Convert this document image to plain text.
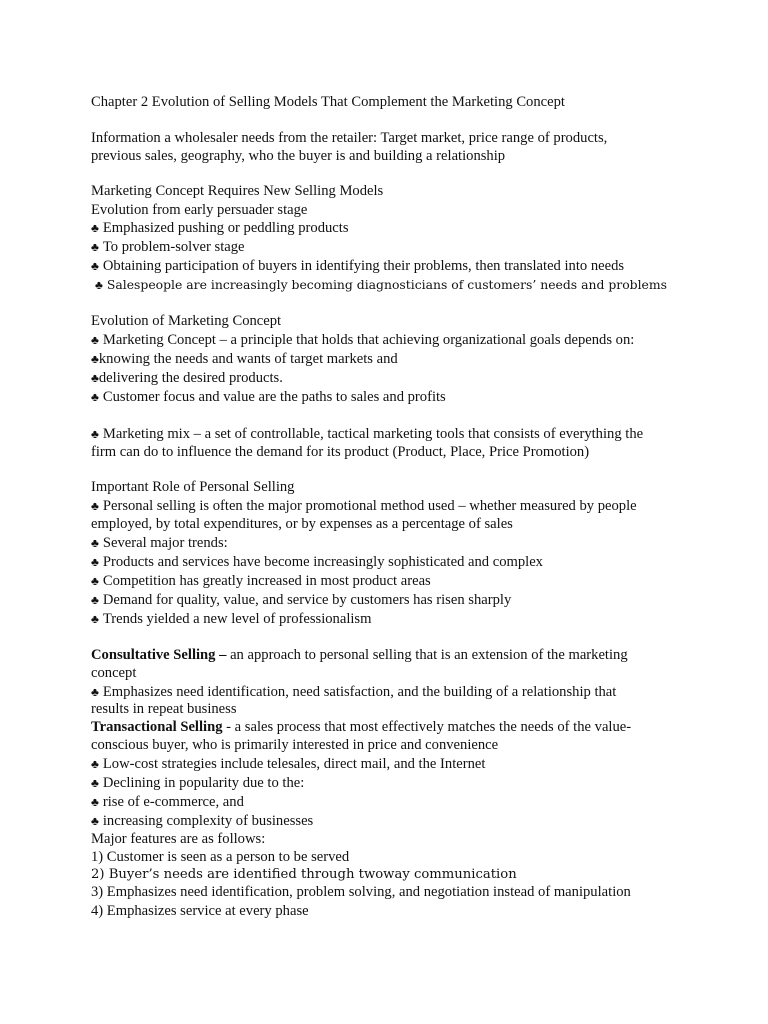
Chapter 2 Evolution of Selling Models That Complement the Marketing Concept
Information a wholesaler needs from the retailer: Target market, price range of products,
previous sales, geography, who the buyer is and building a relationship
Marketing Concept Requires New Selling Models
Evolution from early persuader stage
♣ Emphasized pushing or peddling products
♣ To problem-solver stage
♣ Obtaining participation of buyers in identifying their problems, then translated into needs
♣ Salespeople are increasingly becoming diagnosticians of customers’ needs and problems
Evolution of Marketing Concept
♣ Marketing Concept – a principle that holds that achieving organizational goals depends on:
♣knowing the needs and wants of target markets and
♣delivering the desired products.
♣ Customer focus and value are the paths to sales and profits
♣ Marketing mix – a set of controllable, tactical marketing tools that consists of everything the
firm can do to influence the demand for its product (Product, Place, Price Promotion)
Important Role of Personal Selling
♣ Personal selling is often the major promotional method used – whether measured by people
employed, by total expenditures, or by expenses as a percentage of sales
♣ Several major trends:
♣ Products and services have become increasingly sophisticated and complex
♣ Competition has greatly increased in most product areas
♣ Demand for quality, value, and service by customers has risen sharply
♣ Trends yielded a new level of professionalism
Consultative Selling – an approach to personal selling that is an extension of the marketing
concept
♣ Emphasizes need identification, need satisfaction, and the building of a relationship that
results in repeat business
Transactional Selling - a sales process that most effectively matches the needs of the value-
conscious buyer, who is primarily interested in price and convenience
♣ Low-cost strategies include telesales, direct mail, and the Internet
♣ Declining in popularity due to the:
♣ rise of e-commerce, and
♣ increasing complexity of businesses
Major features are as follows:
1) Customer is seen as a person to be served
2) Buyer’s needs are identified through twoway communication
3) Emphasizes need identification, problem solving, and negotiation instead of manipulation
4) Emphasizes service at every phase
